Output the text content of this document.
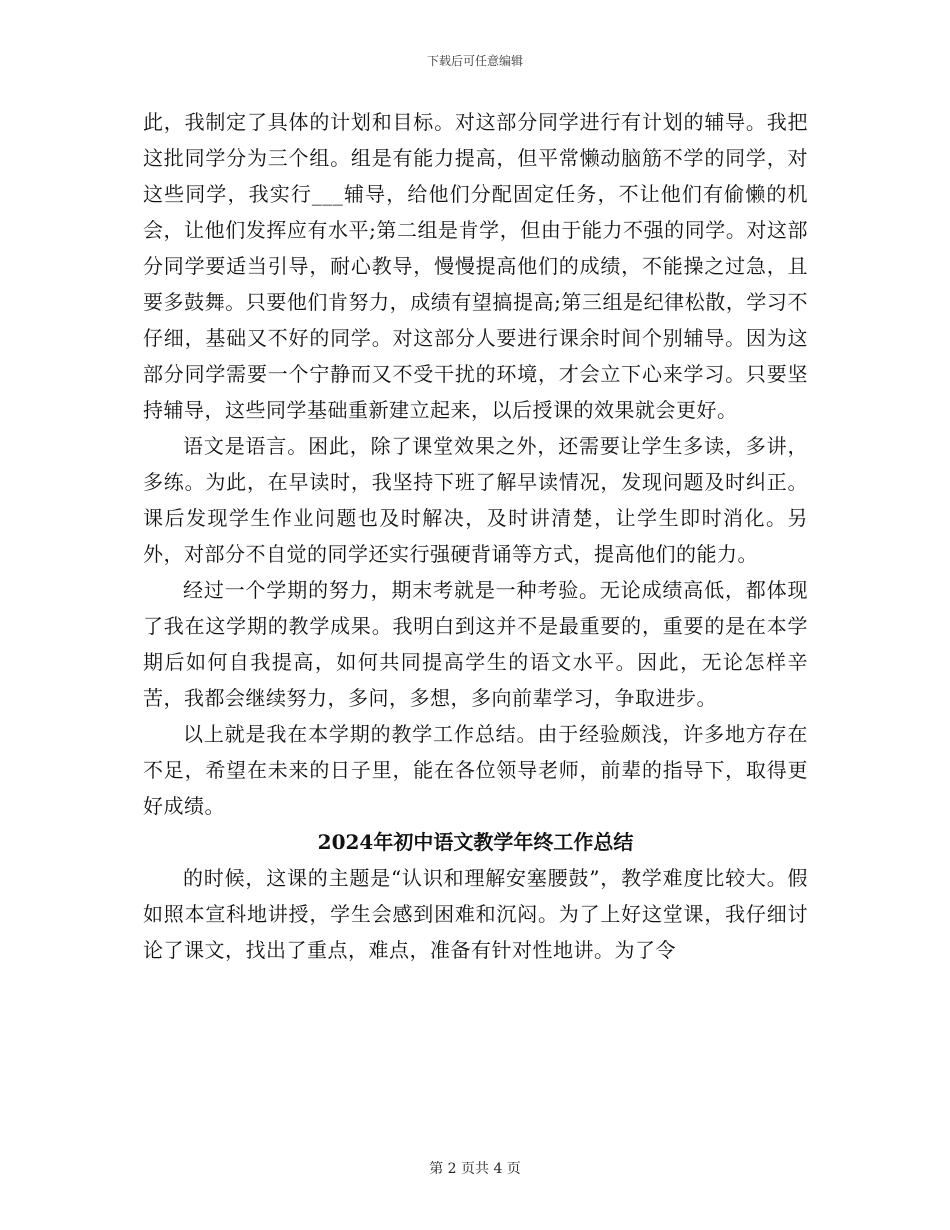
下载后可任意编辑

此，我制定了具体的计划和目标。对这部分同学进行有计划的辅导。我把这批同学分为三个组。组是有能力提高，但平常懒动脑筋不学的同学，对这些同学，我实行___辅导，给他们分配固定任务，不让他们有偷懒的机会，让他们发挥应有水平;第二组是肯学，但由于能力不强的同学。对这部分同学要适当引导，耐心教导，慢慢提高他们的成绩，不能操之过急，且要多鼓舞。只要他们肯努力，成绩有望搞提高;第三组是纪律松散，学习不仔细，基础又不好的同学。对这部分人要进行课余时间个别辅导。因为这部分同学需要一个宁静而又不受干扰的环境，才会立下心来学习。只要坚持辅导，这些同学基础重新建立起来，以后授课的效果就会更好。

语文是语言。困此，除了课堂效果之外，还需要让学生多读，多讲，多练。为此，在早读时，我坚持下班了解早读情况，发现问题及时纠正。课后发现学生作业问题也及时解决，及时讲清楚，让学生即时消化。另外，对部分不自觉的同学还实行强硬背诵等方式，提高他们的能力。

经过一个学期的努力，期末考就是一种考验。无论成绩高低，都体现了我在这学期的教学成果。我明白到这并不是最重要的，重要的是在本学期后如何自我提高，如何共同提高学生的语文水平。因此，无论怎样辛苦，我都会继续努力，多问，多想，多向前辈学习，争取进步。

以上就是我在本学期的教学工作总结。由于经验颇浅，许多地方存在不足，希望在未来的日子里，能在各位领导老师，前辈的指导下，取得更好成绩。

2024年初中语文教学年终工作总结

的时候，这课的主题是“认识和理解安塞腰鼓”，教学难度比较大。假如照本宣科地讲授，学生会感到困难和沉闷。为了上好这堂课，我仔细讨论了课文，找出了重点，难点，准备有针对性地讲。为了令

第 2 页共 4 页
